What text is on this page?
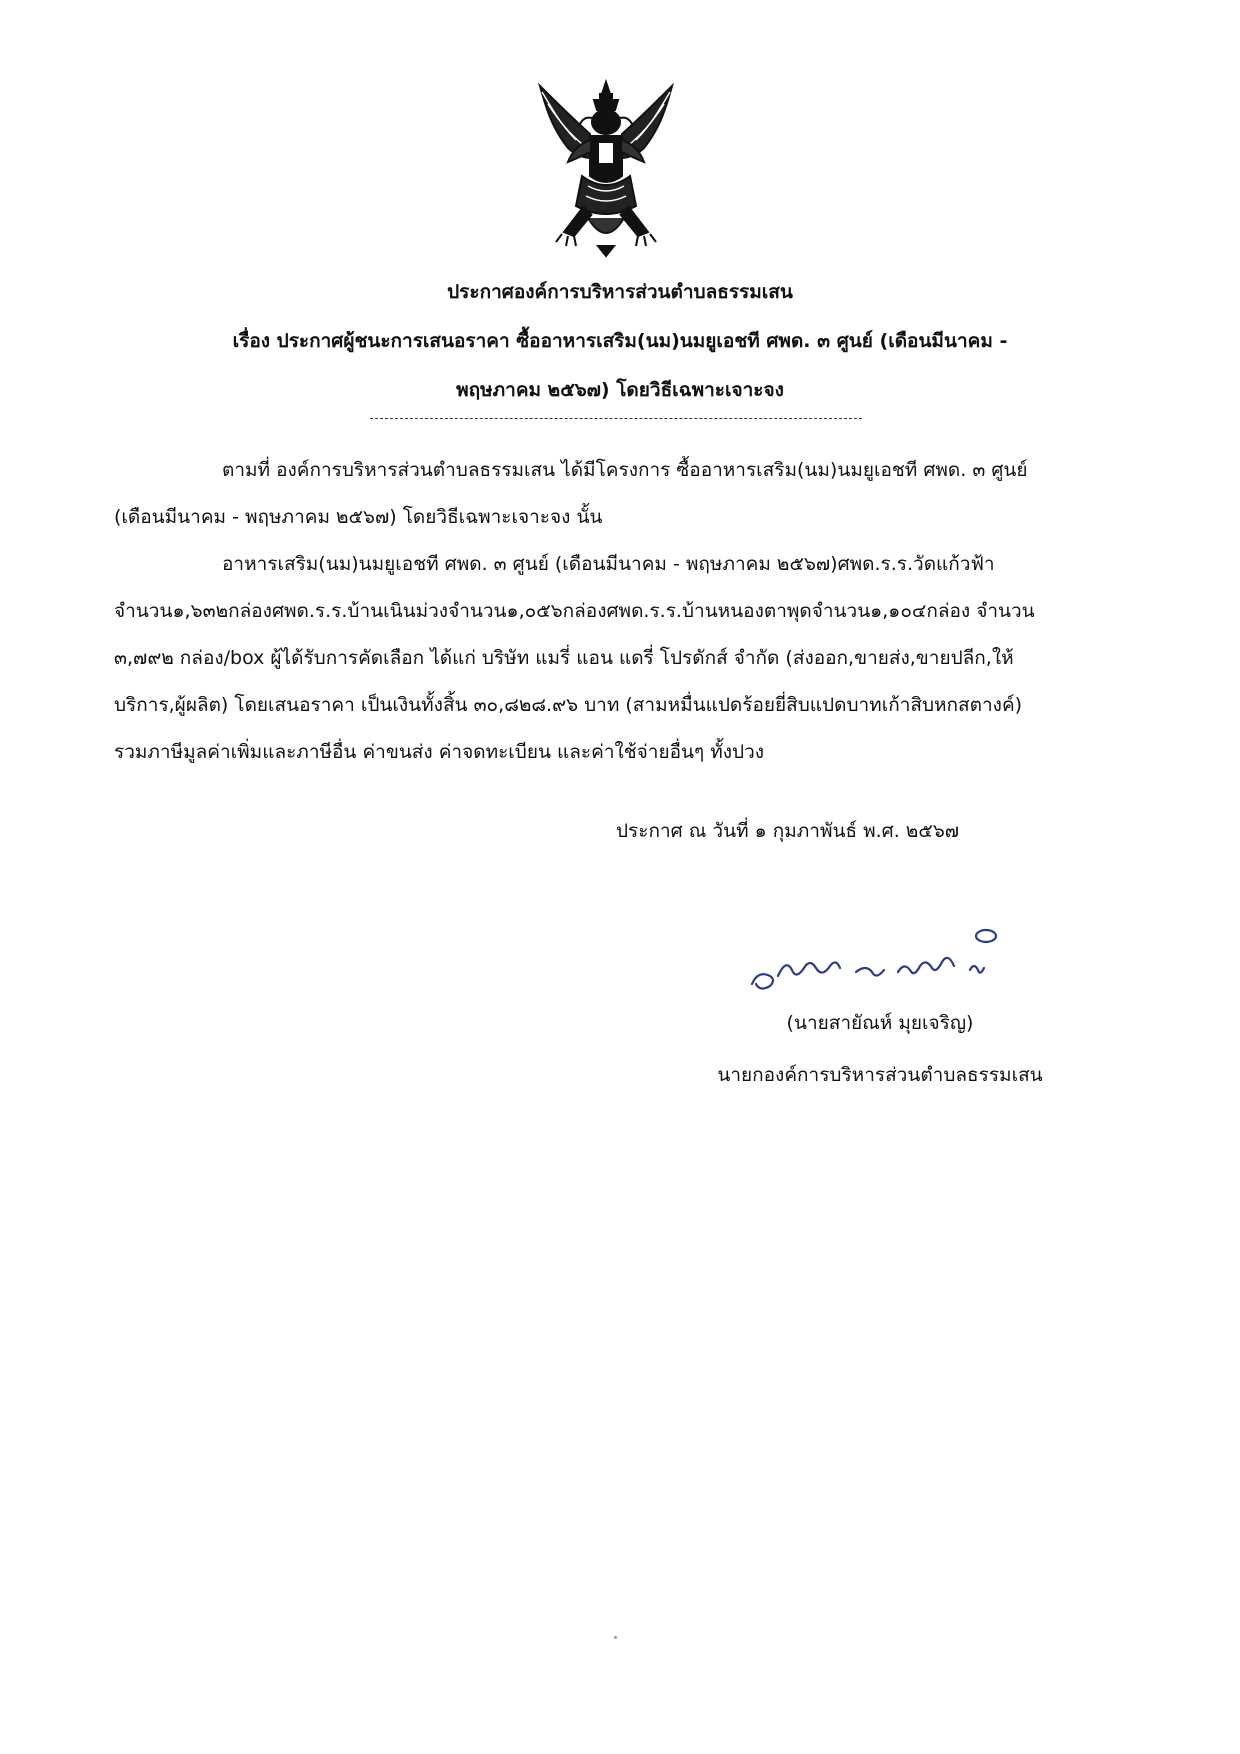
ประกาศองค์การบริหารส่วนตำบลธรรมเสน
เรื่อง ประกาศผู้ชนะการเสนอราคา ซื้ออาหารเสริม(นม)นมยูเอชที ศพด. ๓ ศูนย์ (เดือนมีนาคม -
พฤษภาคม ๒๕๖๗) โดยวิธีเฉพาะเจาะจง
ตามที่ องค์การบริหารส่วนตำบลธรรมเสน ได้มีโครงการ ซื้ออาหารเสริม(นม)นมยูเอชที ศพด. ๓ ศูนย์
(เดือนมีนาคม - พฤษภาคม ๒๕๖๗) โดยวิธีเฉพาะเจาะจง นั้น
อาหารเสริม(นม)นมยูเอชที ศพด. ๓ ศูนย์ (เดือนมีนาคม - พฤษภาคม ๒๕๖๗)ศพด.ร.ร.วัดแก้วฟ้า
จำนวน๑,๖๓๒กล่องศพด.ร.ร.บ้านเนินม่วงจำนวน๑,๐๕๖กล่องศพด.ร.ร.บ้านหนองตาพุดจำนวน๑,๑๐๔กล่อง จำนวน
๓,๗๙๒ กล่อง/box ผู้ได้รับการคัดเลือก ได้แก่ บริษัท แมรี่ แอน แดรี่ โปรดักส์ จำกัด (ส่งออก,ขายส่ง,ขายปลีก,ให้
บริการ,ผู้ผลิต) โดยเสนอราคา เป็นเงินทั้งสิ้น ๓๐,๘๒๘.๙๖ บาท (สามหมื่นแปดร้อยยี่สิบแปดบาทเก้าสิบหกสตางค์)
รวมภาษีมูลค่าเพิ่มและภาษีอื่น ค่าขนส่ง ค่าจดทะเบียน และค่าใช้จ่ายอื่นๆ ทั้งปวง
ประกาศ ณ วันที่ ๑ กุมภาพันธ์ พ.ศ. ๒๕๖๗
(นายสายัณห์ มุยเจริญ)
นายกองค์การบริหารส่วนตำบลธรรมเสน
